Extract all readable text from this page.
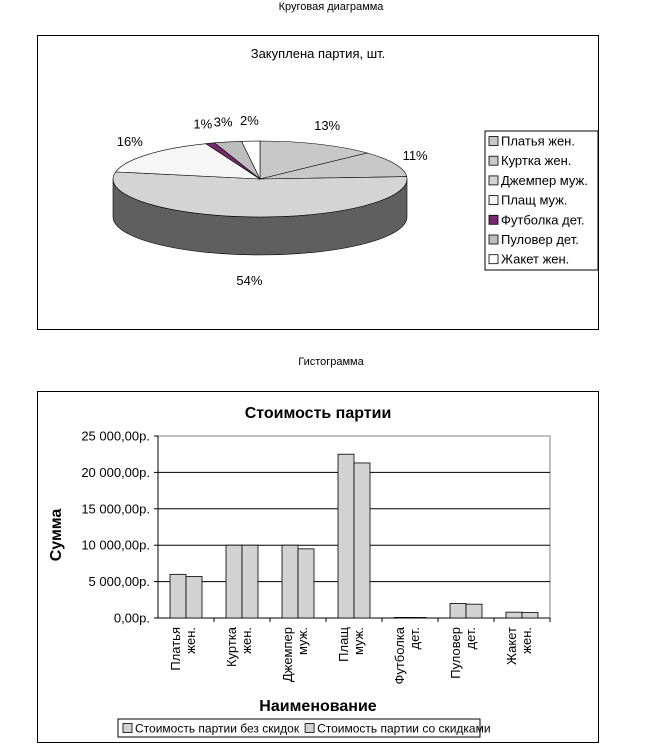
Круговая диаграмма
Закуплена партия, шт.
13%
11%
54%
16%
1% 3% 2%
Платья жен.
Куртка жен.
Джемпер муж.
Плащ муж.
Футболка дет.
Пуловер дет.
Жакет жен.
Гистограмма
Стоимость партии
Сумма
Наименование
0,00р.
5 000,00р.
10 000,00р.
15 000,00р.
20 000,00р.
25 000,00р.
Платья жен. Куртка жен. Джемпер муж. Плащ муж. Футболка дет. Пуловер дет. Жакет жен.
Стоимость партии без скидок Стоимость партии со скидками
